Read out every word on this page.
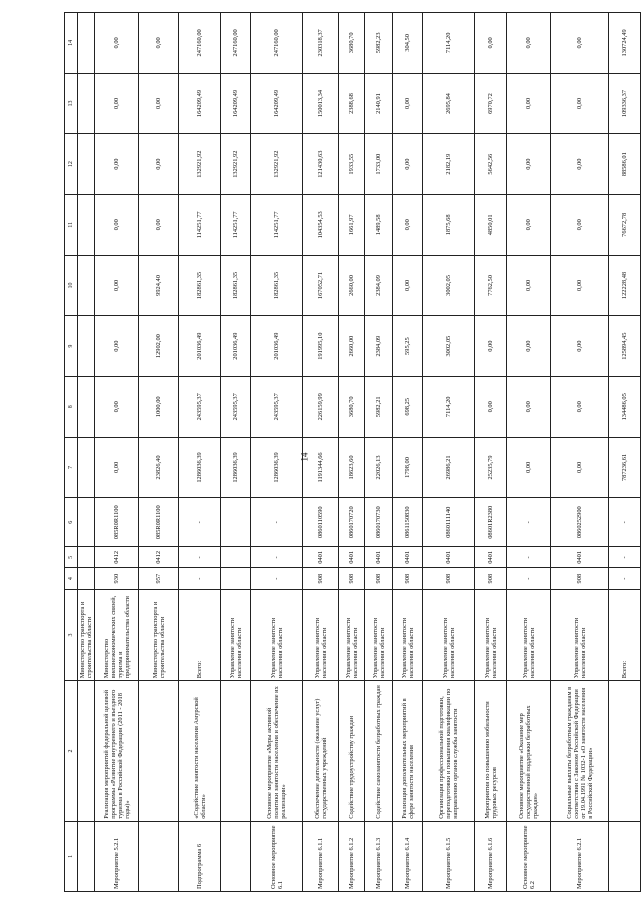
14
1	2	3	4	5	6	7	8	9	10	11	12	13	14
		Министерство транспорта и строительства области											
Мероприятие 5.2.1	Реализация мероприятий федеральной целевой программы «Развитие внутреннего и въездного туризма в Российской Федерации (2011 - 2018 годы)»	Министерство внешнеэкономических связей, туризма и предпринимательства области	930	0412	085R0R1100	0,00	0,00	0,00	0,00	0,00	0,00	0,00	0,00
		Министерство транспорта и строительства области	957	0412	085R0R1100	23826,40	1000,00	12902,00	9924,40	0,00	0,00	0,00	0,00
Подпрограмма 6	«Содействие занятости населения Амурской области»	Всего:	-	-	-	1286036,39	243595,37	201036,49	182861,35	114251,77	132921,92	164209,49	247160,00
		Управление занятости населения области				1286036,39	243595,37	201036,49	182861,35	114251,77	132921,92	164209,49	247160,00
Основное мероприятие 6.1	Основное мероприятие «Меры активной политики занятости населения и обеспечение их реализации»	Управление занятости населения области	-	-	-	1286036,39	243595,37	201036,49	182861,35	114251,77	132921,92	164209,49	247160,00
Мероприятие 6.1.1	Обеспечение деятельности (оказание услуг) государственных учреждений	Управление занятости населения области	908	0401	0860110590	1191344,66	226159,99	191995,10	167052,71	104354,53	121430,63	150013,34	230318,37
Мероприятие 6.1.2	Содействие трудоустройству граждан	Управление занятости населения области	908	0401	0860170720	18623,60	3680,70	2660,00	2660,00	1661,97	1933,55	2388,68	3680,70
Мероприятие 6.1.3	Содействие самозанятости безработных граждан	Управление занятости населения области	908	0401	0860170730	22026,13	5982,21	2384,09	2384,09	1489,58	1733,00	2140,91	5982,23
Мероприятие 6.1.4	Реализация дополнительных мероприятий в сфере занятости населения	Управление занятости населения области	908	0401	0861150830	1798,00	698,25	595,25	0,00	0,00	0,00	0,00	304,50
Мероприятие 6.1.5	Организация профессиональной подготовки, переподготовки и повышения квалификации по направлению органов службы занятости	Управление занятости населения области	908	0401	0860111140	26986,21	7114,20	3002,05	3002,05	1875,68	2182,19	2695,84	7114,20
Мероприятие 6.1.6	Мероприятия по повышению мобильности трудовых ресурсов	Управление занятости населения области	908	0401	08601R2380	25235,79	0,00	0,00	7762,50	4850,01	5642,56	6970,72	0,00
Основное мероприятие 6.2	Основное мероприятие «Оказание мер государственной поддержки безработных граждан»	Управление занятости населения области	-	-	-	0,00	0,00	0,00	0,00	0,00	0,00	0,00	0,00
Мероприятие 6.2.1	Социальные выплаты безработным гражданам в соответствии с Законом Российской Федерации от 19.04.1991 № 1032-1 «О занятости населения в Российской Федерации»	Управление занятости населения области	908	0401	0860252900	0,00	0,00	0,00	0,00	0,00	0,00	0,00	0,00
		Всего:	-	-	-	787236,61	134486,05	125894,45	122228,48	76672,78	88586,01	109336,37	130724,49
